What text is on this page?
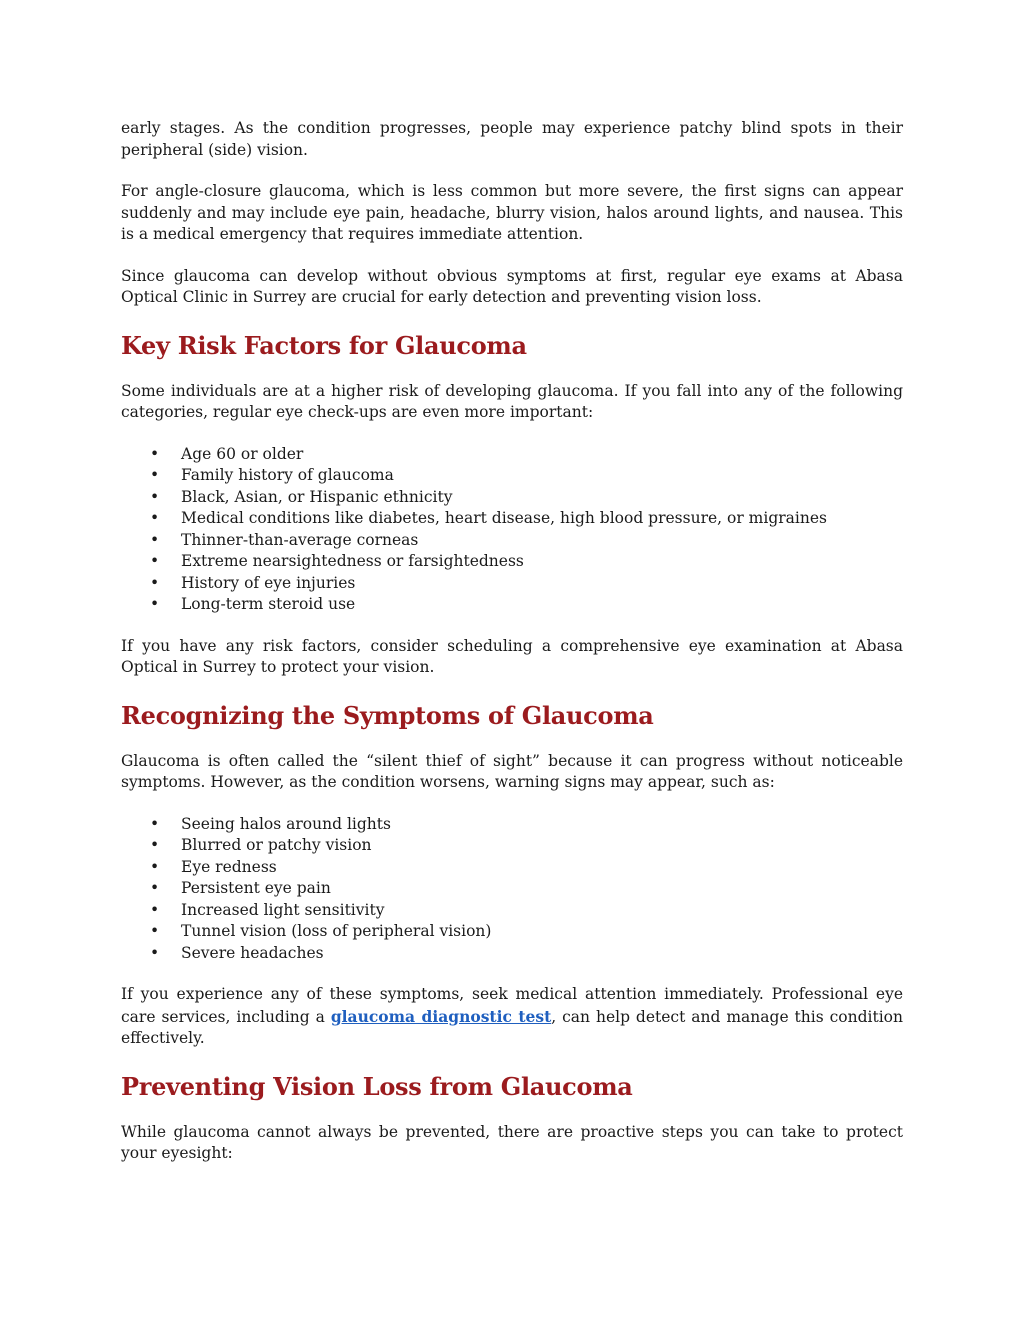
early stages. As the condition progresses, people may experience patchy blind spots in their peripheral (side) vision.

For angle-closure glaucoma, which is less common but more severe, the first signs can appear suddenly and may include eye pain, headache, blurry vision, halos around lights, and nausea. This is a medical emergency that requires immediate attention.

Since glaucoma can develop without obvious symptoms at first, regular eye exams at Abasa Optical Clinic in Surrey are crucial for early detection and preventing vision loss.

Key Risk Factors for Glaucoma

Some individuals are at a higher risk of developing glaucoma. If you fall into any of the following categories, regular eye check-ups are even more important:

• Age 60 or older
• Family history of glaucoma
• Black, Asian, or Hispanic ethnicity
• Medical conditions like diabetes, heart disease, high blood pressure, or migraines
• Thinner-than-average corneas
• Extreme nearsightedness or farsightedness
• History of eye injuries
• Long-term steroid use

If you have any risk factors, consider scheduling a comprehensive eye examination at Abasa Optical in Surrey to protect your vision.

Recognizing the Symptoms of Glaucoma

Glaucoma is often called the “silent thief of sight” because it can progress without noticeable symptoms. However, as the condition worsens, warning signs may appear, such as:

• Seeing halos around lights
• Blurred or patchy vision
• Eye redness
• Persistent eye pain
• Increased light sensitivity
• Tunnel vision (loss of peripheral vision)
• Severe headaches

If you experience any of these symptoms, seek medical attention immediately. Professional eye care services, including a glaucoma diagnostic test, can help detect and manage this condition effectively.

Preventing Vision Loss from Glaucoma

While glaucoma cannot always be prevented, there are proactive steps you can take to protect your eyesight:
